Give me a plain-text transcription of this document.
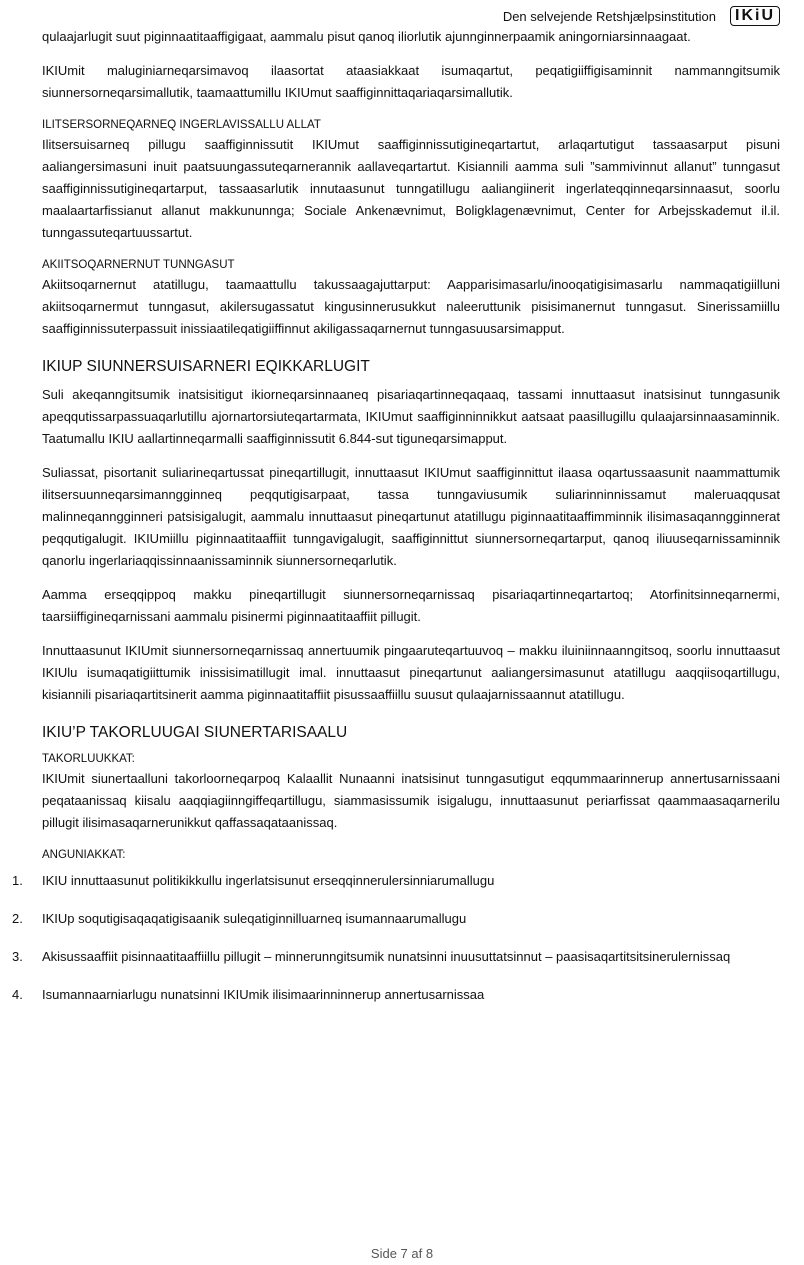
Den selvejende Retshjælpsinstitution	IKiU

qulaajarlugit suut piginnaatitaaffigigaat, aammalu pisut qanoq iliorlutik ajunnginnerpaamik aningorniarsinnaagaat.

IKIUmit maluginiarneqarsimavoq ilaasortat ataasiakkaat isumaqartut, peqatigiiffigisaminnit nammanngitsumik siunnersorneqarsimallutik, taamaattumillu IKIUmut saaffiginnittaqariaqarsimallutik.

ILITSERSORNEQARNEQ INGERLAVISSALLU ALLAT

Ilitsersuisarneq pillugu saaffiginnissutit IKIUmut saaffiginnissutigineqartartut, arlaqartutigut tassaasarput pisuni aaliangersimasuni inuit paatsuungassuteqarnerannik aallaveqartartut. Kisiannili aamma suli ”sammivinnut allanut” tunngasut saaffiginnissutigineqartarput, tassaasarlutik innutaasunut tunngatillugu aaliangiinerit ingerlateqqinneqarsinnaasut, soorlu maalaartarfissianut allanut makkununnga; Sociale Ankenævnimut, Boligklagenævnimut, Center for Arbejsskademut il.il. tunngassuteqartuussartut.

AKIITSOQARNERNUT TUNNGASUT

Akiitsoqarnernut atatillugu, taamaattullu takussaagajuttarput: Aapparisimasarlu/inooqatigisimasarlu nammaqatigiilluni akiitsoqarnermut tunngasut, akilersugassatut kingusinnerusukkut naleeruttunik pisisimanernut tunngasut. Sinerissamiillu saaffiginnissuterpassuit inissiaatileqatigiiffinnut akiligassaqarnernut tunngasuusarsimapput.

IKIUP SIUNNERSUISARNERI EQIKKARLUGIT

Suli akeqanngitsumik inatsisitigut ikiorneqarsinnaaneq pisariaqartinneqaqaaq, tassami innuttaasut inatsisinut tunngasunik apeqqutissarpassuaqarlutillu ajornartorsiuteqartarmata, IKIUmut saaffiginninnikkut aatsaat paasillugillu qulaajarsinnaasaminnik. Taatumallu IKIU aallartinneqarmalli saaffiginnissutit 6.844-sut tiguneqarsimapput.

Suliassat, pisortanit suliarineqartussat pineqartillugit, innuttaasut IKIUmut saaffiginnittut ilaasa oqartussaasunit naammattumik ilitsersuunneqarsimanngginneq peqqutigisarpaat, tassa tunngaviusumik suliarinninnissamut maleruaqqusat malinneqanngginneri patsisigalugit, aammalu innuttaasut pineqartunut atatillugu piginnaatitaaffimminnik ilisimasaqanngginnerat peqqutigalugit. IKIUmiillu piginnaatitaaffiit tunngavigalugit, saaffiginnittut siunnersorneqartarput, qanoq iliuuseqarnissaminnik qanorlu ingerlariaqqissinnaanissaminnik siunnersorneqarlutik.

Aamma erseqqippoq makku pineqartillugit siunnersorneqarnissaq pisariaqartinneqartartoq; Atorfinitsinneqarnermi, taarsiiffigineqarnissani aammalu pisinermi piginnaatitaaffiit pillugit.

Innuttaasunut IKIUmit siunnersorneqarnissaq annertuumik pingaaruteqartuuvoq – makku iluiniinnaanngitsoq, soorlu innuttaasut IKIUlu isumaqatigiittumik inissisimatillugit imal. innuttaasut pineqartunut aaliangersimasunut atatillugu aaqqiisoqartillugu, kisiannili pisariaqartitsinerit aamma piginnaatitaffiit pisussaaffiillu suusut qulaajarnissaannut atatillugu.

IKIU’P TAKORLUUGAI SIUNERTARISAALU

TAKORLUUKKAT:

IKIUmit siunertaalluni takorloorneqarpoq Kalaallit Nunaanni inatsisinut tunngasutigut eqqummaarinnerup annertusarnissaani peqataanissaq kiisalu aaqqiagiinngiffeqartillugu, siammasissumik isigalugu, innuttaasunut periarfissat qaammaasaqarnerilu pillugit ilisimasaqarnerunikkut qaffassaqataanissaq.

ANGUNIAKKAT:

1. IKIU innuttaasunut politikikkullu ingerlatsisunut erseqqinnerulersinniarumallugu
2. IKIUp soqutigisaqaqatigisaanik suleqatiginnilluarneq isumannaarumallugu
3. Akisussaaffiit pisinnaatitaaffiillu pillugit – minnerunngitsumik nunatsinni inuusuttatsinnut – paasisaqartitsitsinerulernissaq
4. Isumannaarniarlugu nunatsinni IKIUmik ilisimaarinninnerup annertusarnissaa
Side 7 af 8
